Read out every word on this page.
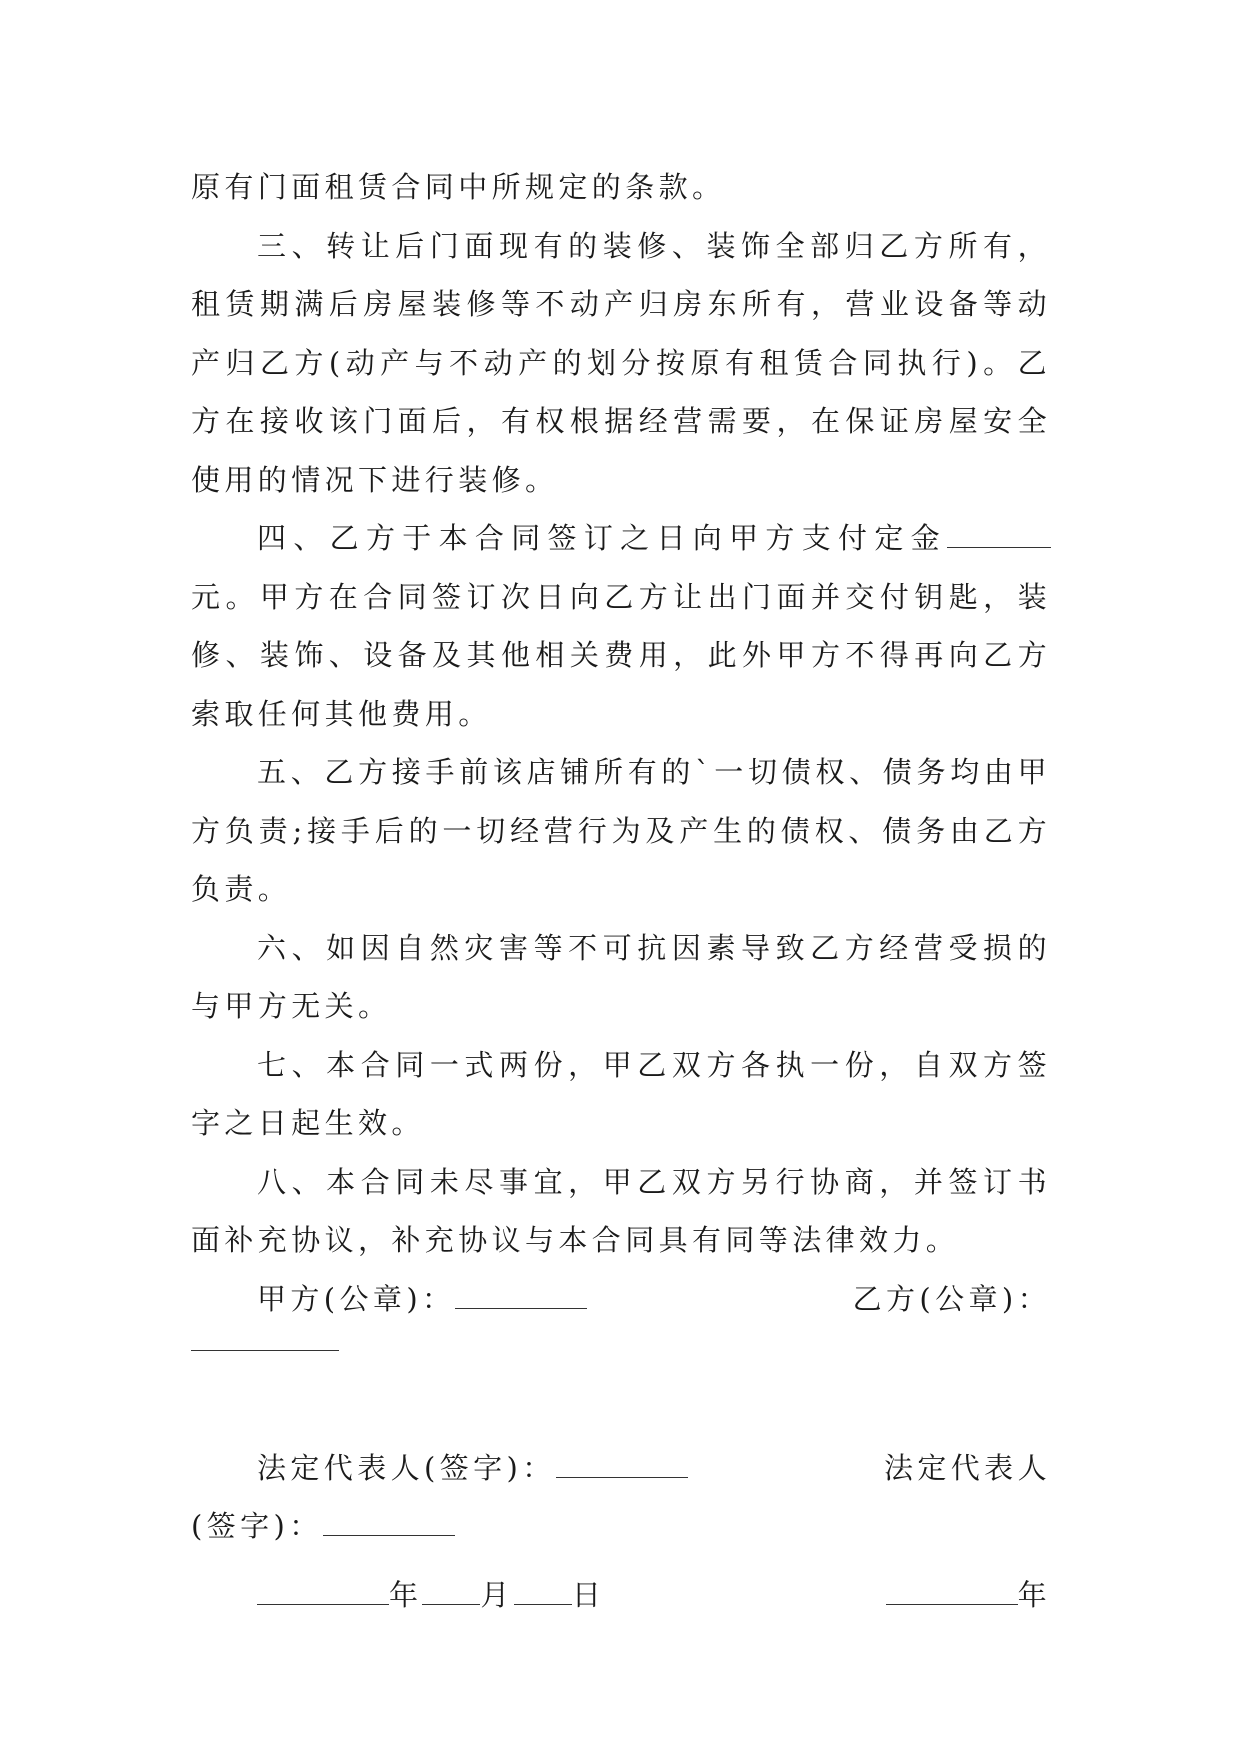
原有门面租赁合同中所规定的条款。

三、转让后门面现有的装修、装饰全部归乙方所有，租赁期满后房屋装修等不动产归房东所有，营业设备等动产归乙方(动产与不动产的划分按原有租赁合同执行)。乙方在接收该门面后，有权根据经营需要，在保证房屋安全使用的情况下进行装修。

四、乙方于本合同签订之日向甲方支付定金元。甲方在合同签订次日向乙方让出门面并交付钥匙，装修、装饰、设备及其他相关费用，此外甲方不得再向乙方索取任何其他费用。

五、乙方接手前该店铺所有的`一切债权、债务均由甲方负责;接手后的一切经营行为及产生的债权、债务由乙方负责。

六、如因自然灾害等不可抗因素导致乙方经营受损的与甲方无关。

七、本合同一式两份，甲乙双方各执一份，自双方签字之日起生效。

八、本合同未尽事宜，甲乙双方另行协商，并签订书面补充协议，补充协议与本合同具有同等法律效力。

甲方(公章)：	乙方(公章)：
法定代表人(签字)：	法定代表人
(签字)：
年 月 日	年
